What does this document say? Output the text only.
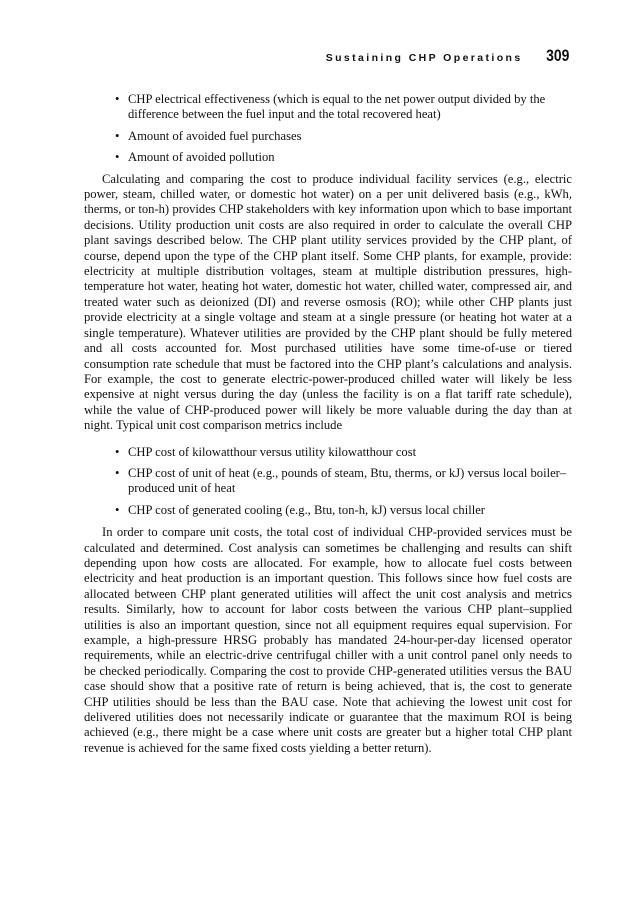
Sustaining CHP Operations 309
• CHP electrical effectiveness (which is equal to the net power output divided by the difference between the fuel input and the total recovered heat)
• Amount of avoided fuel purchases
• Amount of avoided pollution

Calculating and comparing the cost to produce individual facility services (e.g., electric power, steam, chilled water, or domestic hot water) on a per unit delivered basis (e.g., kWh, therms, or ton-h) provides CHP stakeholders with key information upon which to base important decisions. Utility production unit costs are also required in order to calculate the overall CHP plant savings described below. The CHP plant utility services provided by the CHP plant, of course, depend upon the type of the CHP plant itself. Some CHP plants, for example, provide: electricity at multiple distribution voltages, steam at multiple distribution pressures, high-temperature hot water, heating hot water, domestic hot water, chilled water, compressed air, and treated water such as deionized (DI) and reverse osmosis (RO); while other CHP plants just provide electricity at a single voltage and steam at a single pressure (or heating hot water at a single temperature). Whatever utilities are provided by the CHP plant should be fully metered and all costs accounted for. Most purchased utilities have some time-of-use or tiered consumption rate schedule that must be factored into the CHP plant’s calculations and analysis. For example, the cost to generate electric-power-produced chilled water will likely be less expensive at night versus during the day (unless the facility is on a flat tariff rate schedule), while the value of CHP-produced power will likely be more valuable during the day than at night. Typical unit cost comparison metrics include

• CHP cost of kilowatthour versus utility kilowatthour cost
• CHP cost of unit of heat (e.g., pounds of steam, Btu, therms, or kJ) versus local boiler–produced unit of heat
• CHP cost of generated cooling (e.g., Btu, ton-h, kJ) versus local chiller

In order to compare unit costs, the total cost of individual CHP-provided services must be calculated and determined. Cost analysis can sometimes be challenging and results can shift depending upon how costs are allocated. For example, how to allocate fuel costs between electricity and heat production is an important question. This follows since how fuel costs are allocated between CHP plant generated utilities will affect the unit cost analysis and metrics results. Similarly, how to account for labor costs between the various CHP plant–supplied utilities is also an important question, since not all equipment requires equal supervision. For example, a high-pressure HRSG probably has mandated 24-hour-per-day licensed operator requirements, while an electric-drive centrifugal chiller with a unit control panel only needs to be checked periodically. Comparing the cost to provide CHP-generated utilities versus the BAU case should show that a positive rate of return is being achieved, that is, the cost to generate CHP utilities should be less than the BAU case. Note that achieving the lowest unit cost for delivered utilities does not necessarily indicate or guarantee that the maximum ROI is being achieved (e.g., there might be a case where unit costs are greater but a higher total CHP plant revenue is achieved for the same fixed costs yielding a better return).
